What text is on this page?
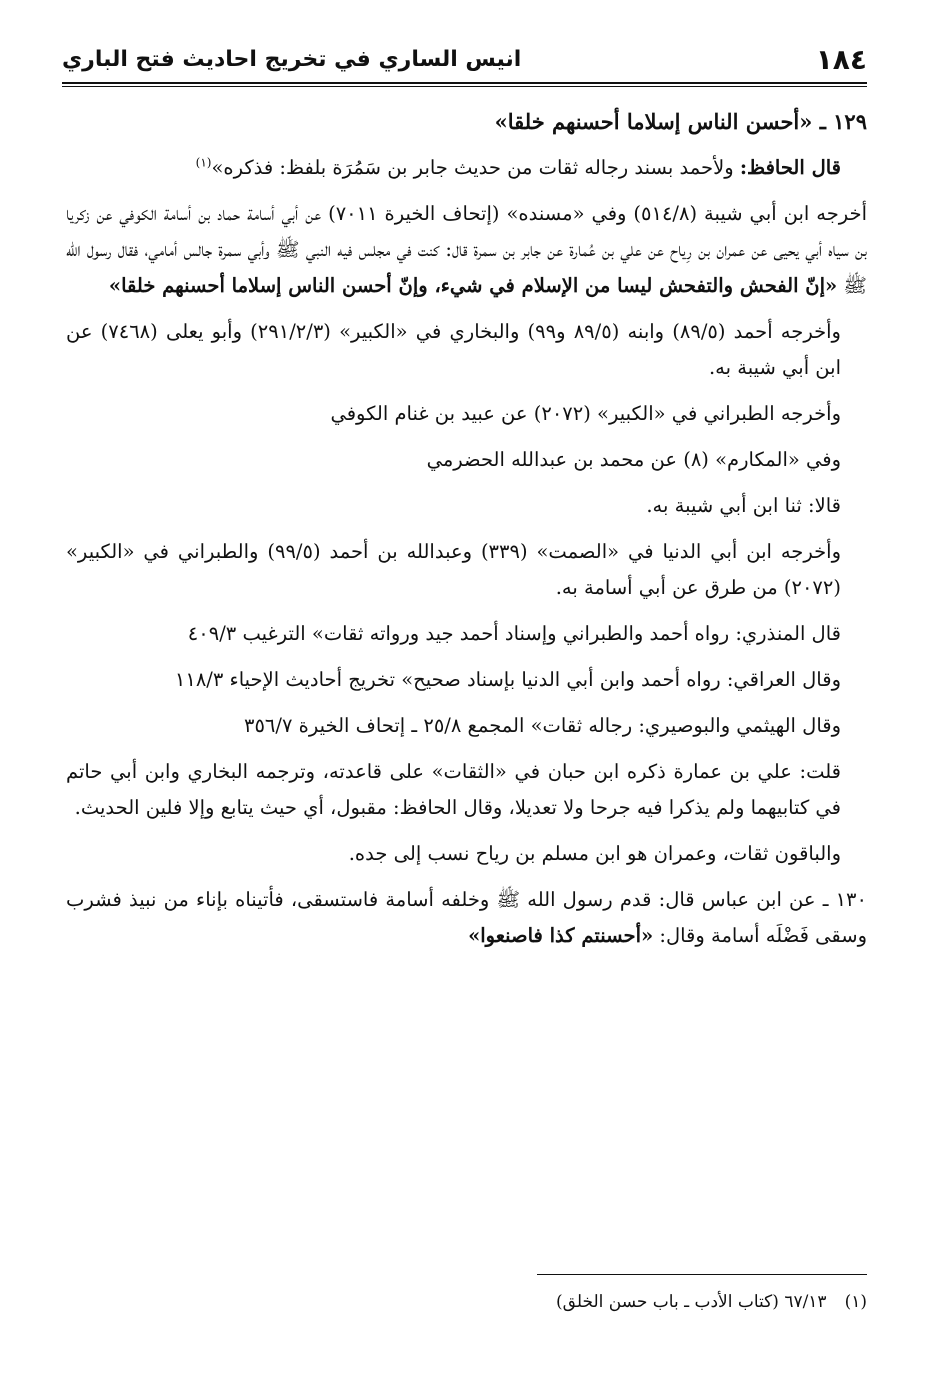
١٨٤
انيس الساري في تخريج احاديث فتح الباري

١٢٩ ـ «أحسن الناس إسلاما أحسنهم خلقا»

قال الحافظ: ولأحمد بسند رجاله ثقات من حديث جابر بن سَمُرَة بلفظ: فذكره»$^{(١)}$

أخرجه ابن أبي شيبة (٥١٤/٨) وفي «مسنده» (إتحاف الخيرة ٧٠١١) عن أبي أسامة حماد بن أسامة الكوفي عن زكريا بن سياه أبي يحيى عن عمران بن رِياح عن علي بن عُمارة عن جابر بن سمرة قال: كنت في مجلس فيه النبي ﷺ وأبي سمرة جالس أمامي، فقال رسول الله ﷺ «إنّ الفحش والتفحش ليسا من الإسلام في شيء، وإنّ أحسن الناس إسلاما أحسنهم خلقا»

وأخرجه أحمد (٨٩/٥) وابنه (٨٩/٥ و٩٩) والبخاري في «الكبير» (٢٩١/٢/٣) وأبو يعلى (٧٤٦٨) عن ابن أبي شيبة به.

وأخرجه الطبراني في «الكبير» (٢٠٧٢) عن عبيد بن غنام الكوفي

وفي «المكارم» (٨) عن محمد بن عبدالله الحضرمي

قالا: ثنا ابن أبي شيبة به.

وأخرجه ابن أبي الدنيا في «الصمت» (٣٣٩) وعبدالله بن أحمد (٩٩/٥) والطبراني في «الكبير» (٢٠٧٢) من طرق عن أبي أسامة به.

قال المنذري: رواه أحمد والطبراني وإسناد أحمد جيد ورواته ثقات» الترغيب ٤٠٩/٣

وقال العراقي: رواه أحمد وابن أبي الدنيا بإسناد صحيح» تخريج أحاديث الإحياء ١١٨/٣

وقال الهيثمي والبوصيري: رجاله ثقات» المجمع ٢٥/٨ ـ إتحاف الخيرة ٣٥٦/٧

قلت: علي بن عمارة ذكره ابن حبان في «الثقات» على قاعدته، وترجمه البخاري وابن أبي حاتم في كتابيهما ولم يذكرا فيه جرحا ولا تعديلا، وقال الحافظ: مقبول، أي حيث يتابع وإلا فلين الحديث.

والباقون ثقات، وعمران هو ابن مسلم بن رياح نسب إلى جده.

١٣٠ ـ عن ابن عباس قال: قدم رسول الله ﷺ وخلفه أسامة فاستسقى، فأتيناه بإناء من نبيذ فشرب وسقى فَضْلَه أسامة وقال: «أحسنتم كذا فاصنعوا»

(١)٦٧/١٣ (كتاب الأدب ـ باب حسن الخلق)
